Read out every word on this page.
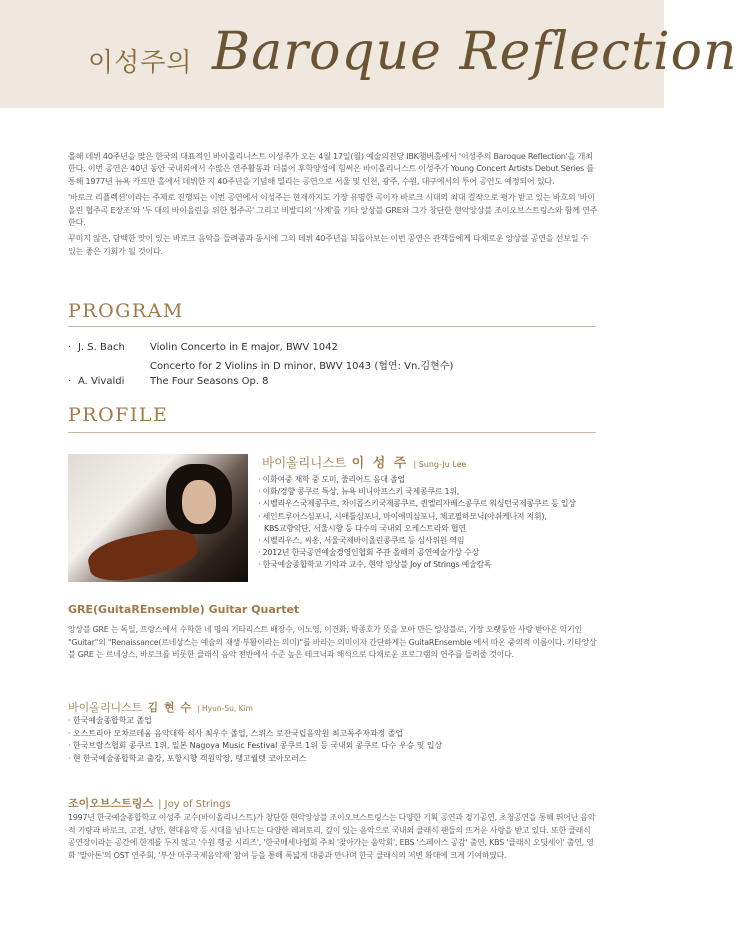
이성주의 Baroque Reflection

올해 데뷔 40주년을 맞은 한국의 대표적인 바이올리니스트 이성주가 오는 4월 17일(월) 예술의전당 IBK챔버홀에서 '이성주의 Baroque Reflection'을 개최한다. 이번 공연은 40년 동안 국내외에서 수많은 연주활동과 더불어 후학양성에 힘써온 바이올리니스트 이성주가 Young Concert Artists Debut Series 를 통해 1977년 뉴욕 카프만 홀에서 데뷔한 지 40주년을 기념해 열리는 공연으로 서울 및 인천, 광주, 수원, 대구에서의 투어 공연도 예정되어 있다.

'바로크 리플렉션'이라는 주제로 진행되는 이번 공연에서 이성주는 현재까지도 가장 유명한 곡이자 바로크 시대의 최대 걸작으로 평가 받고 있는 바흐의 '바이올린 협주곡 E장조'와 '두 대의 바이올린을 위한 협주곡' 그리고 비발디의 '사계'를 기타 앙상블 GRE와 그가 창단한 현악앙상블 조이오브스트링스와 함께 연주한다.

꾸미지 않은, 담백한 맛이 있는 바로크 음악을 들려줌과 동시에 그의 데뷔 40주년을 되돌아보는 이번 공연은 관객들에게 다채로운 앙상블 공연을 선보일 수 있는 좋은 기회가 될 것이다.

PROGRAM
· J. S. Bach	Violin Concerto in E major, BWV 1042
Concerto for 2 Violins in D minor, BWV 1043 (협연: Vn.김현수)
· A. Vivaldi	The Four Seasons Op. 8
PROFILE
바이올리니스트 이 성 주 | Sung-Ju Lee
· 이화여중 재학 중 도미, 줄리어드 음대 졸업
· 이화/경향 콩쿠르 특상, 뉴욕 비니아프스키 국제콩쿠르 1위,
· 시벨리우스국제콩쿠르, 차이콥스키국제콩쿠르, 퀸엘리자베스콩쿠르 워싱턴국제콩쿠르 등 입상
· 세인트루이스심포니, 시애틀심포니, 마이애미심포니, 체코필하모닉(아쉬케나지 지휘),
KBS교향악단, 서울시향 등 다수의 국내외 오케스트라와 협연
· 시벨리우스, 씨옹, 서울국제바이올린콩쿠르 등 심사위원 역임
· 2012년 한국공연예술경영인협회 주관 올해의 공연예술가상 수상
· 한국예술종합학교 기악과 교수, 현악 앙상블 Joy of Strings 예술감독
GRE(GuitaREnsemble) Guitar Quartet
앙상블 GRE 는 독일, 프랑스에서 수학한 네 명의 기타리스트 배장수, 이노영, 이건화, 박종호가 뜻을 모아 만든 앙상블로, 가장 오랫동안 사랑 받아온 악기인 "Guitar"의 "Renaissance(르네상스는 예술의 재생·부활이라는 의미)"를 바라는 의미이자 간단하게는 GuitaREnsemble 에서 따온 중의적 이름이다. 기타앙상블 GRE 는 르네상스, 바로크를 비롯한 클래식 음악 전반에서 수준 높은 테크닉과 해석으로 다채로운 프로그램의 연주를 들려줄 것이다.
바이올리니스트 김 현 수 | Hyun-Su, Kim
· 한국예술종합학교 졸업
· 오스트리아 모차르테움 음악대학 석사 최우수 졸업, 스위스 로잔국립음악원 최고독주자과정 졸업
· 한국브람스협회 콩쿠르 1위, 일본 Nagoya Music Festival 콩쿠르 1위 등 국내외 콩쿠르 다수 우승 및 입상
· 현 한국예술종합학교 출강, 포항시향 객원악장, 탱고퀄텟 코아모러스
조이오브스트링스 | Joy of Strings
1997년 한국예술종합학교 이성주 교수(바이올리니스트)가 창단한 현악앙상블 조이오브스트링스는 다양한 기획 공연과 정기공연, 초청공연을 통해 뛰어난 음악적 기량과 바로크, 고전, 낭만, 현대음악 등 시대를 넘나드는 다양한 레퍼토리, 깊이 있는 음악으로 국내외 클래식 팬들의 뜨거운 사랑을 받고 있다. 또한 클래식 공연장이라는 공간에 한계를 두지 않고 '수원 행궁 시리즈', '한국메세나협회 주최 '찾아가는 음악회', EBS '스페이스 공감' 출연, KBS '클래식 오딧세이' 출연, 영화 '말아톤'의 OST 연주회, '부산 마루국제음악제' 참여 등을 통해 폭넓게 대중과 만나며 한국 클래식의 저변 확대에 크게 기여하였다.
